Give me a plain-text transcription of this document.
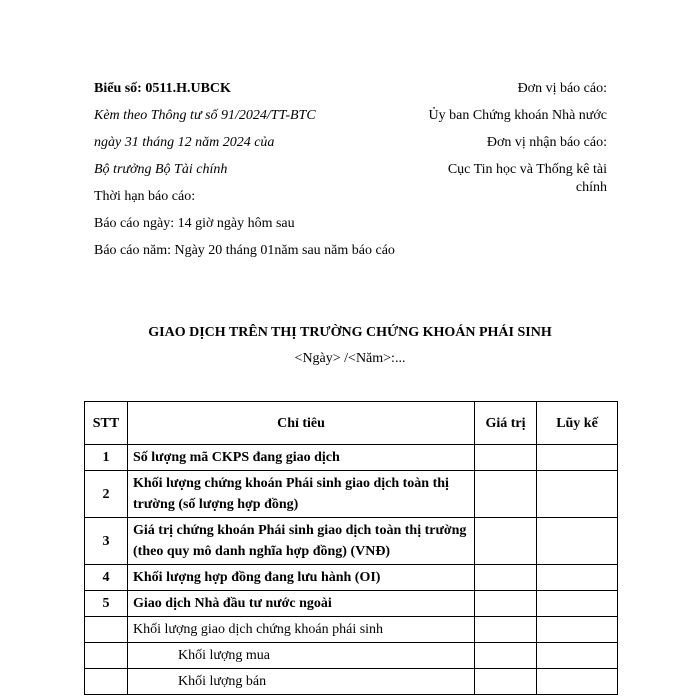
Biểu số: 0511.H.UBCK
Kèm theo Thông tư số 91/2024/TT-BTC
ngày 31 tháng 12 năm 2024 của
Bộ trưởng Bộ Tài chính
Thời hạn báo cáo:
Báo cáo ngày: 14 giờ ngày hôm sau
Báo cáo năm: Ngày 20 tháng 01năm sau năm báo cáo
Đơn vị báo cáo:
Ủy ban Chứng khoán Nhà nước
Đơn vị nhận báo cáo:
Cục Tin học và Thống kê tài chính
GIAO DỊCH TRÊN THỊ TRƯỜNG CHỨNG KHOÁN PHÁI SINH
<Ngày> /<Năm>:...
STT	Chỉ tiêu	Giá trị	Lũy kế
1	Số lượng mã CKPS đang giao dịch		
2	Khối lượng chứng khoán Phái sinh giao dịch toàn thị trường (số lượng hợp đồng)		
3	Giá trị chứng khoán Phái sinh giao dịch toàn thị trường (theo quy mô danh nghĩa hợp đồng) (VNĐ)		
4	Khối lượng hợp đồng đang lưu hành (OI)		
5	Giao dịch Nhà đầu tư nước ngoài		
	Khối lượng giao dịch chứng khoán phái sinh		
	Khối lượng mua		
	Khối lượng bán		
